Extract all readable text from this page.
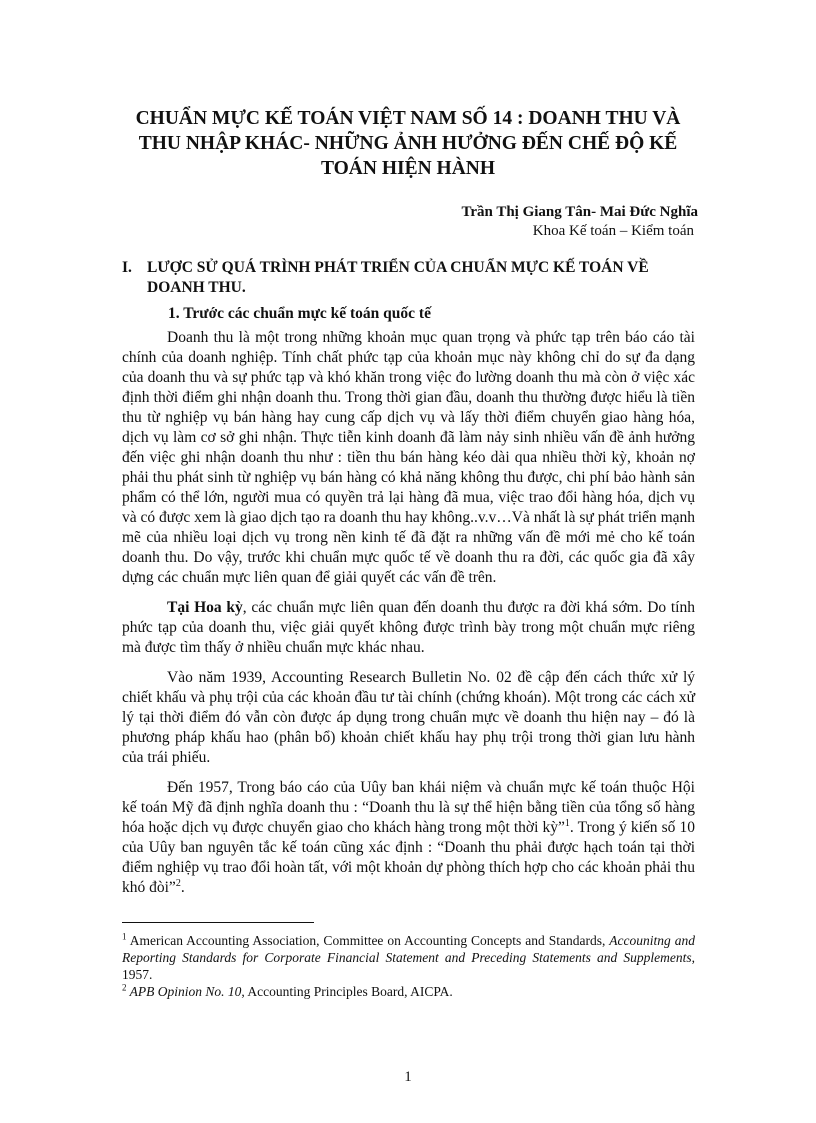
CHUẨN MỰC KẾ TOÁN VIỆT NAM SỐ 14 : DOANH THU VÀ
THU NHẬP KHÁC- NHỮNG ẢNH HƯỞNG ĐẾN CHẾ ĐỘ KẾ
TOÁN HIỆN HÀNH
Trần Thị Giang Tân- Mai Đức Nghĩa
Khoa Kế toán – Kiểm toán
I. LƯỢC SỬ QUÁ TRÌNH PHÁT TRIỂN CỦA CHUẨN MỰC KẾ TOÁN VỀ
DOANH THU.
1. Trước các chuẩn mực kế toán quốc tế

Doanh thu là một trong những khoản mục quan trọng và phức tạp trên báo cáo tài chính của doanh nghiệp. Tính chất phức tạp của khoản mục này không chỉ do sự đa dạng của doanh thu và sự phức tạp và khó khăn trong việc đo lường doanh thu mà còn ở việc xác định thời điểm ghi nhận doanh thu. Trong thời gian đầu, doanh thu thường được hiểu là tiền thu từ nghiệp vụ bán hàng hay cung cấp dịch vụ và lấy thời điểm chuyển giao hàng hóa, dịch vụ làm cơ sở ghi nhận. Thực tiễn kinh doanh đã làm nảy sinh nhiều vấn đề ảnh hưởng đến việc ghi nhận doanh thu như : tiền thu bán hàng kéo dài qua nhiều thời kỳ, khoản nợ phải thu phát sinh từ nghiệp vụ bán hàng có khả năng không thu được, chi phí bảo hành sản phẩm có thể lớn, người mua có quyền trả lại hàng đã mua, việc trao đổi hàng hóa, dịch vụ và có được xem là giao dịch tạo ra doanh thu hay không..v.v…Và nhất là sự phát triển mạnh mẽ của nhiều loại dịch vụ trong nền kinh tế đã đặt ra những vấn đề mới mẻ cho kế toán doanh thu. Do vậy, trước khi chuẩn mực quốc tế về doanh thu ra đời, các quốc gia đã xây dựng các chuẩn mực liên quan để giải quyết các vấn đề trên.

Tại Hoa kỳ, các chuẩn mực liên quan đến doanh thu được ra đời khá sớm. Do tính phức tạp của doanh thu, việc giải quyết không được trình bày trong một chuẩn mực riêng mà được tìm thấy ở nhiều chuẩn mực khác nhau.

Vào năm 1939, Accounting Research Bulletin No. 02 đề cập đến cách thức xử lý chiết khấu và phụ trội của các khoản đầu tư tài chính (chứng khoán). Một trong các cách xử lý tại thời điểm đó vẫn còn được áp dụng trong chuẩn mực về doanh thu hiện nay – đó là phương pháp khấu hao (phân bổ) khoản chiết khấu hay phụ trội trong thời gian lưu hành của trái phiếu.

Đến 1957, Trong báo cáo của Uûy ban khái niệm và chuẩn mực kế toán thuộc Hội kế toán Mỹ đã định nghĩa doanh thu : “Doanh thu là sự thể hiện bằng tiền của tổng số hàng hóa hoặc dịch vụ được chuyển giao cho khách hàng trong một thời kỳ”$^1$. Trong ý kiến số 10 của Uûy ban nguyên tắc kế toán cũng xác định : “Doanh thu phải được hạch toán tại thời điểm nghiệp vụ trao đổi hoàn tất, với một khoản dự phòng thích hợp cho các khoản phải thu khó đòi”$^2$.

$^1$ American Accounting Association, Committee on Accounting Concepts and Standards, Accounitng and Reporting Standards for Corporate Financial Statement and Preceding Statements and Supplements, 1957.

$^2$ APB Opinion No. 10, Accounting Principles Board, AICPA.

1
